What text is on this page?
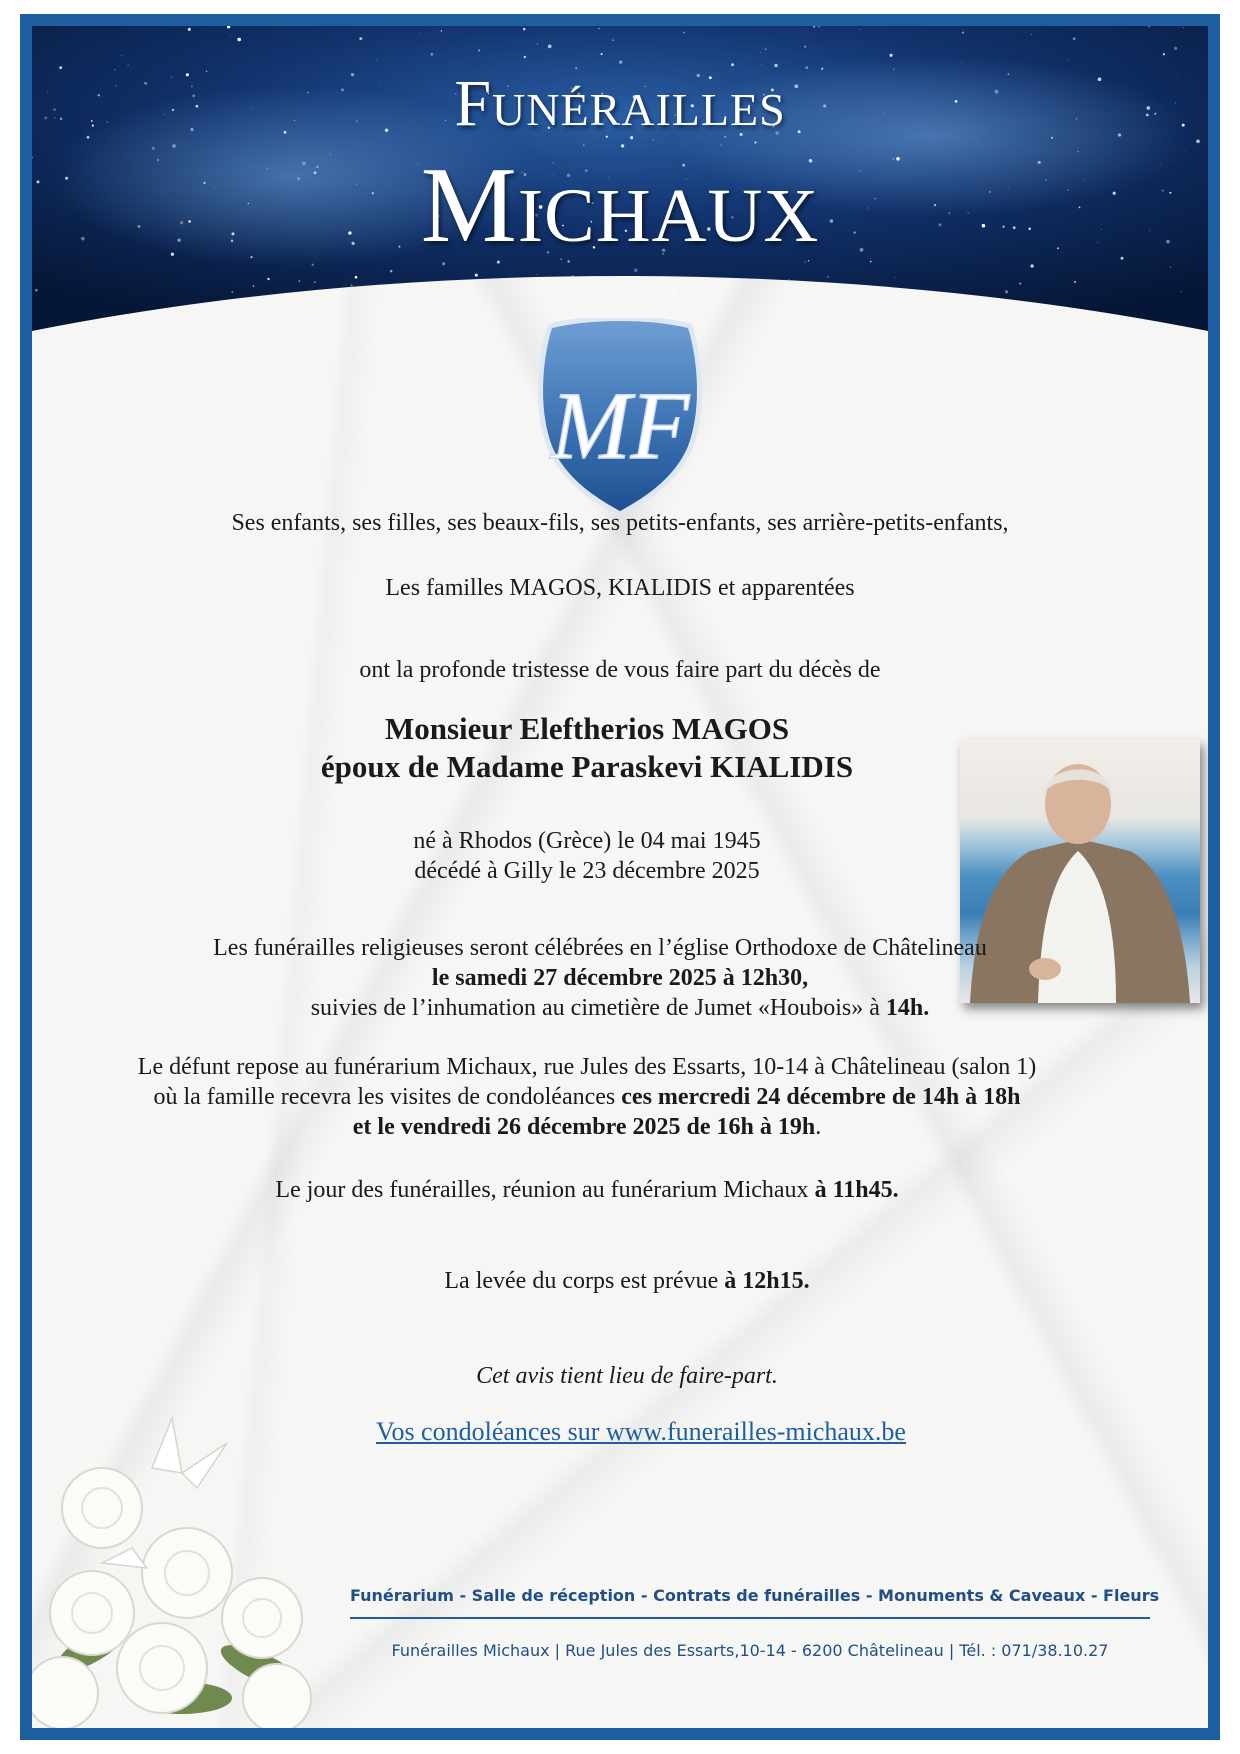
Funérailles
Michaux
MF
Ses enfants, ses filles, ses beaux-fils, ses petits-enfants, ses arrière-petits-enfants,
Les familles MAGOS, KIALIDIS et apparentées
ont la profonde tristesse de vous faire part du décès de
Monsieur Eleftherios MAGOS
époux de Madame Paraskevi KIALIDIS
né à Rhodos (Grèce) le 04 mai 1945
décédé à Gilly le 23 décembre 2025
Les funérailles religieuses seront célébrées en l’église Orthodoxe de Châtelineau
le samedi 27 décembre 2025 à 12h30,
suivies de l’inhumation au cimetière de Jumet «Houbois» à 14h.
Le défunt repose au funérarium Michaux, rue Jules des Essarts, 10-14 à Châtelineau (salon 1)
où la famille recevra les visites de condoléances ces mercredi 24 décembre de 14h à 18h
et le vendredi 26 décembre 2025 de 16h à 19h.
Le jour des funérailles, réunion au funérarium Michaux à 11h45.
La levée du corps est prévue à 12h15.
Cet avis tient lieu de faire-part.
Vos condoléances sur www.funerailles-michaux.be
Funérarium - Salle de réception - Contrats de funérailles - Monuments & Caveaux - Fleurs
Funérailles Michaux | Rue Jules des Essarts,10-14 - 6200 Châtelineau | Tél. : 071/38.10.27
